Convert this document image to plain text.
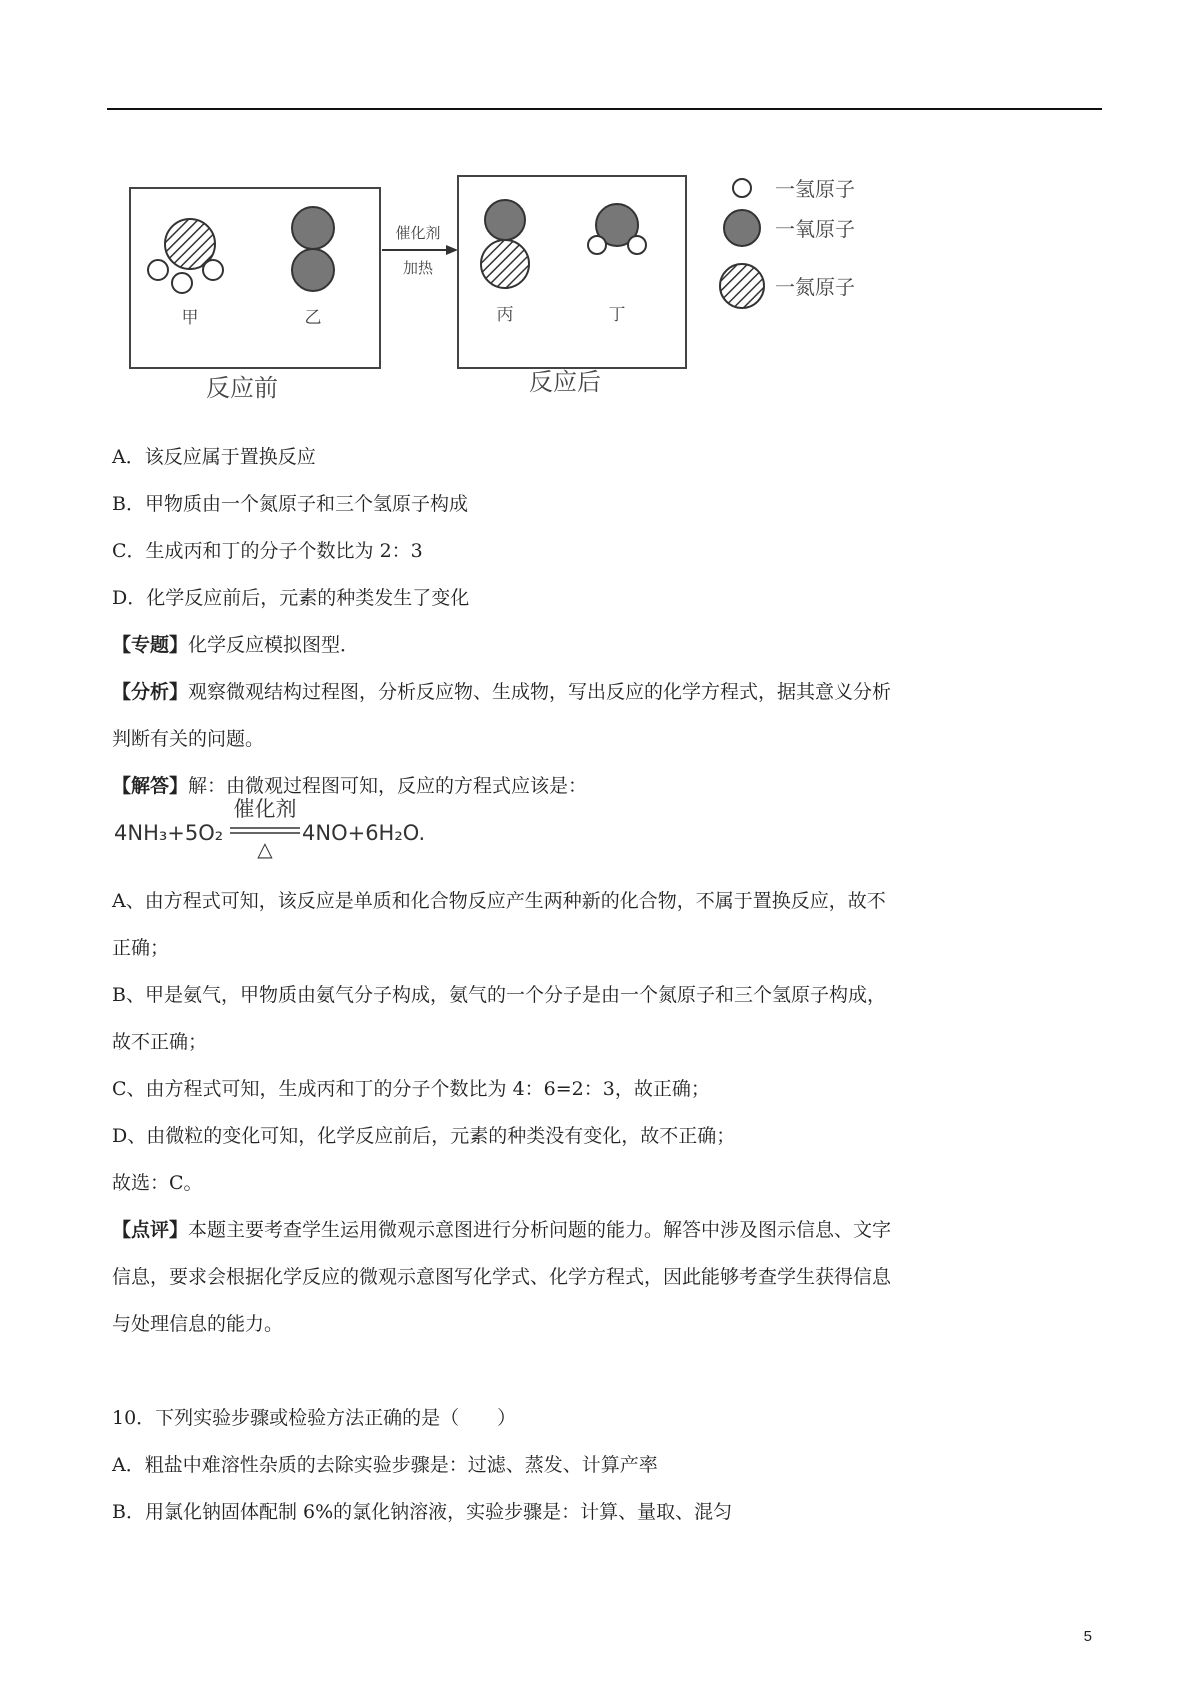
甲	乙
催化剂
加热
丙	丁
一氢原子
一氧原子
一氮原子
反应前	反应后
A．该反应属于置换反应
B．甲物质由一个氮原子和三个氢原子构成
C．生成丙和丁的分子个数比为 2：3
D．化学反应前后，元素的种类发生了变化
【专题】化学反应模拟图型．
【分析】观察微观结构过程图，分析反应物、生成物，写出反应的化学方程式，据其意义分析
判断有关的问题。
【解答】解：由微观过程图可知，反应的方程式应该是：
4NH₃+5O₂
催化剂
△
4NO+6H₂O.
A、由方程式可知，该反应是单质和化合物反应产生两种新的化合物，不属于置换反应，故不
正确；
B、甲是氨气，甲物质由氨气分子构成，氨气的一个分子是由一个氮原子和三个氢原子构成，
故不正确；
C、由方程式可知，生成丙和丁的分子个数比为 4：6=2：3，故正确；
D、由微粒的变化可知，化学反应前后，元素的种类没有变化，故不正确；
故选：C。
【点评】本题主要考查学生运用微观示意图进行分析问题的能力。解答中涉及图示信息、文字
信息，要求会根据化学反应的微观示意图写化学式、化学方程式，因此能够考查学生获得信息
与处理信息的能力。
10．下列实验步骤或检验方法正确的是（　　）
A．粗盐中难溶性杂质的去除实验步骤是：过滤、蒸发、计算产率
B．用氯化钠固体配制 6%的氯化钠溶液，实验步骤是：计算、量取、混匀
5
